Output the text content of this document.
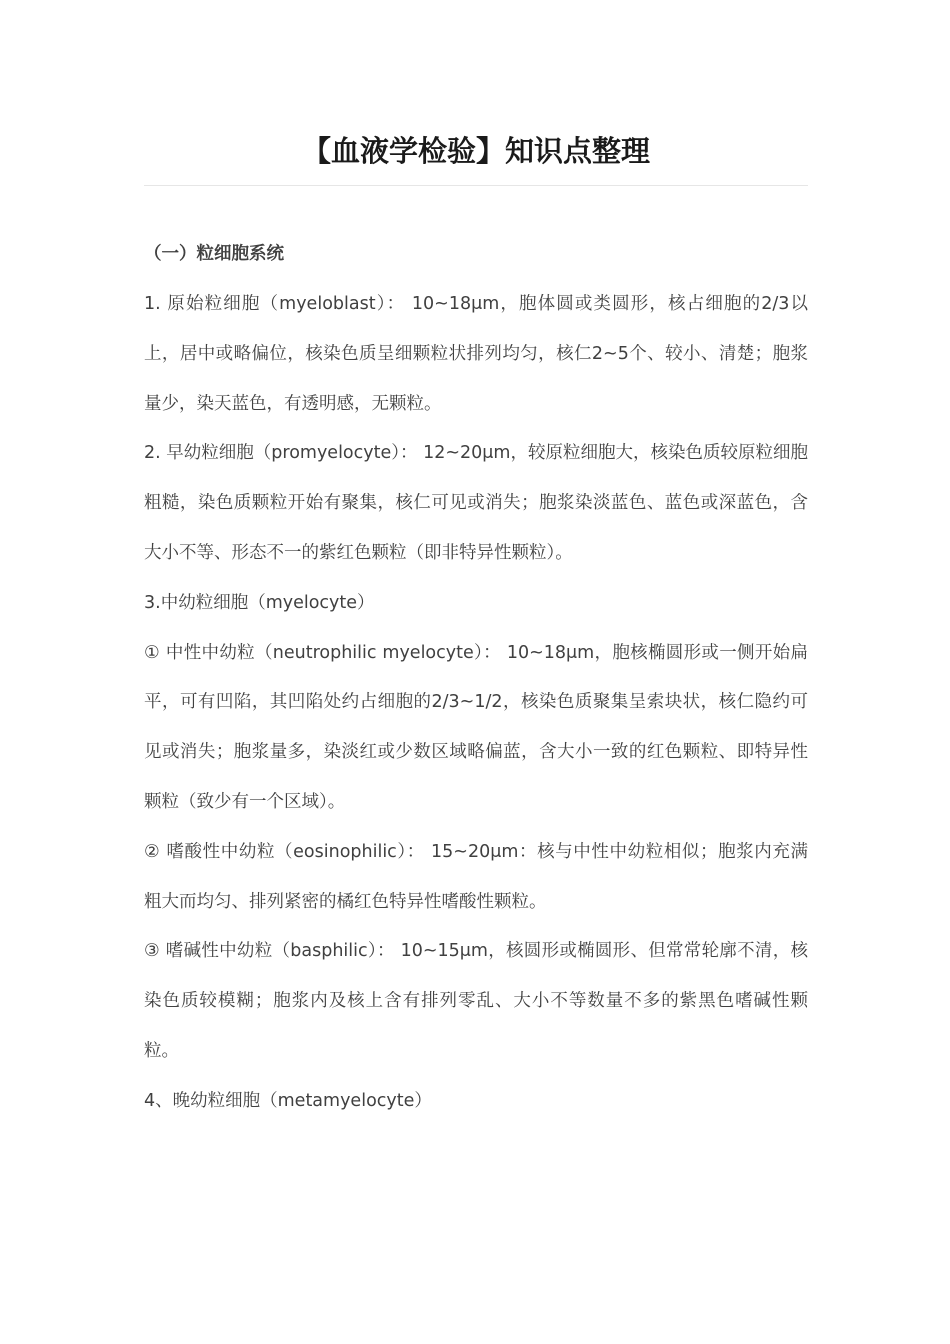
【血液学检验】知识点整理
（一）粒细胞系统

1. 原始粒细胞（myeloblast）： 10~18μm，胞体圆或类圆形，核占细胞的2/3以上，居中或略偏位，核染色质呈细颗粒状排列均匀，核仁2~5个、较小、清楚；胞浆量少，染天蓝色，有透明感，无颗粒。

2. 早幼粒细胞（promyelocyte）： 12~20μm，较原粒细胞大，核染色质较原粒细胞粗糙，染色质颗粒开始有聚集，核仁可见或消失；胞浆染淡蓝色、蓝色或深蓝色，含大小不等、形态不一的紫红色颗粒（即非特异性颗粒）。

3.中幼粒细胞（myelocyte）

① 中性中幼粒（neutrophilic myelocyte）： 10~18μm，胞核椭圆形或一侧开始扁平，可有凹陷，其凹陷处约占细胞的2/3~1/2，核染色质聚集呈索块状，核仁隐约可见或消失；胞浆量多，染淡红或少数区域略偏蓝，含大小一致的红色颗粒、即特异性颗粒（致少有一个区域）。

② 嗜酸性中幼粒（eosinophilic）： 15~20μm：核与中性中幼粒相似；胞浆内充满粗大而均匀、排列紧密的橘红色特异性嗜酸性颗粒。

③ 嗜碱性中幼粒（basphilic）： 10~15μm，核圆形或椭圆形、但常常轮廓不清，核染色质较模糊；胞浆内及核上含有排列零乱、大小不等数量不多的紫黑色嗜碱性颗粒。

4、晚幼粒细胞（metamyelocyte）
